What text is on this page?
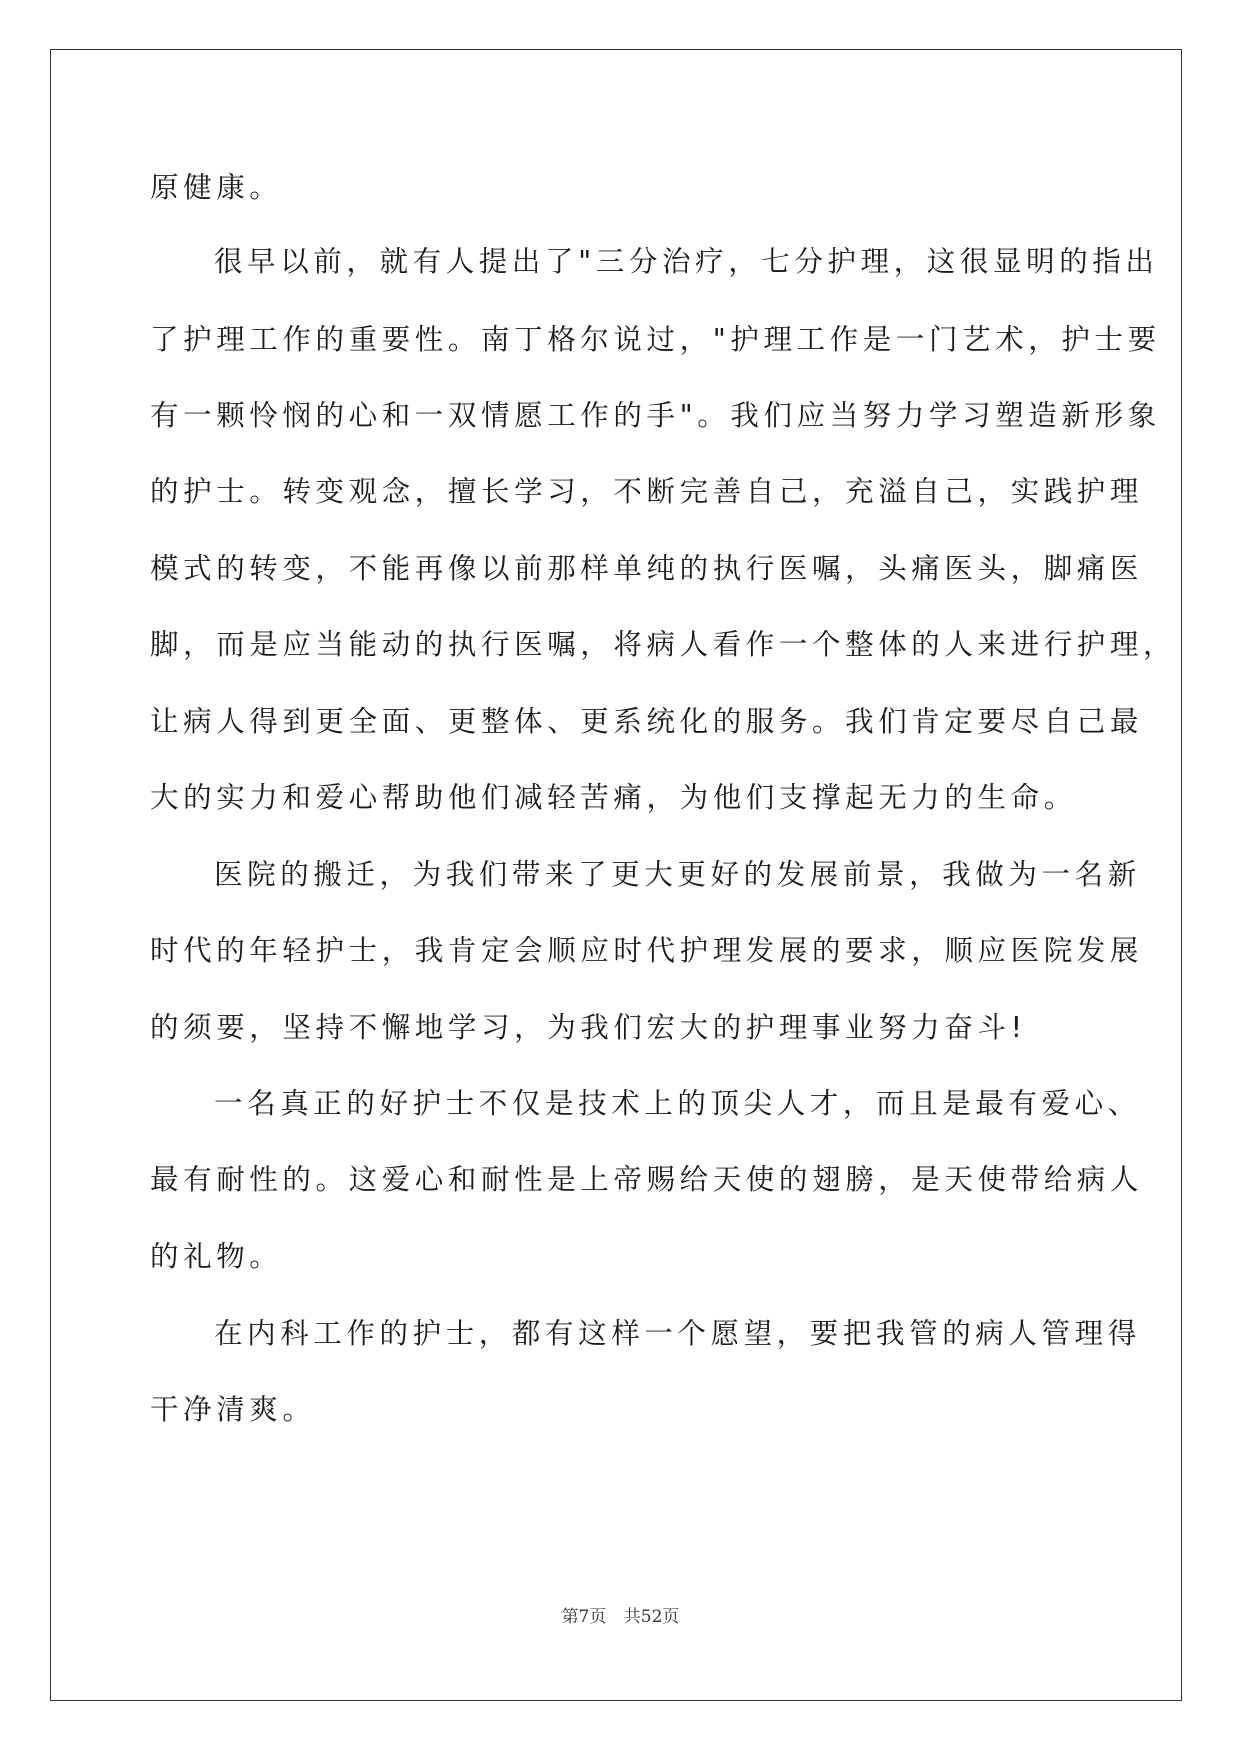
原健康。
很早以前，就有人提出了"三分治疗，七分护理，这很显明的指出
了护理工作的重要性。南丁格尔说过，"护理工作是一门艺术，护士要
有一颗怜悯的心和一双情愿工作的手"。我们应当努力学习塑造新形象
的护士。转变观念，擅长学习，不断完善自己，充溢自己，实践护理
模式的转变，不能再像以前那样单纯的执行医嘱，头痛医头，脚痛医
脚，而是应当能动的执行医嘱，将病人看作一个整体的人来进行护理，
让病人得到更全面、更整体、更系统化的服务。我们肯定要尽自己最
大的实力和爱心帮助他们减轻苦痛，为他们支撑起无力的生命。
医院的搬迁，为我们带来了更大更好的发展前景，我做为一名新
时代的年轻护士，我肯定会顺应时代护理发展的要求，顺应医院发展
的须要，坚持不懈地学习，为我们宏大的护理事业努力奋斗!
一名真正的好护士不仅是技术上的顶尖人才，而且是最有爱心、
最有耐性的。这爱心和耐性是上帝赐给天使的翅膀，是天使带给病人
的礼物。
在内科工作的护士，都有这样一个愿望，要把我管的病人管理得
干净清爽。
第7页 共52页
